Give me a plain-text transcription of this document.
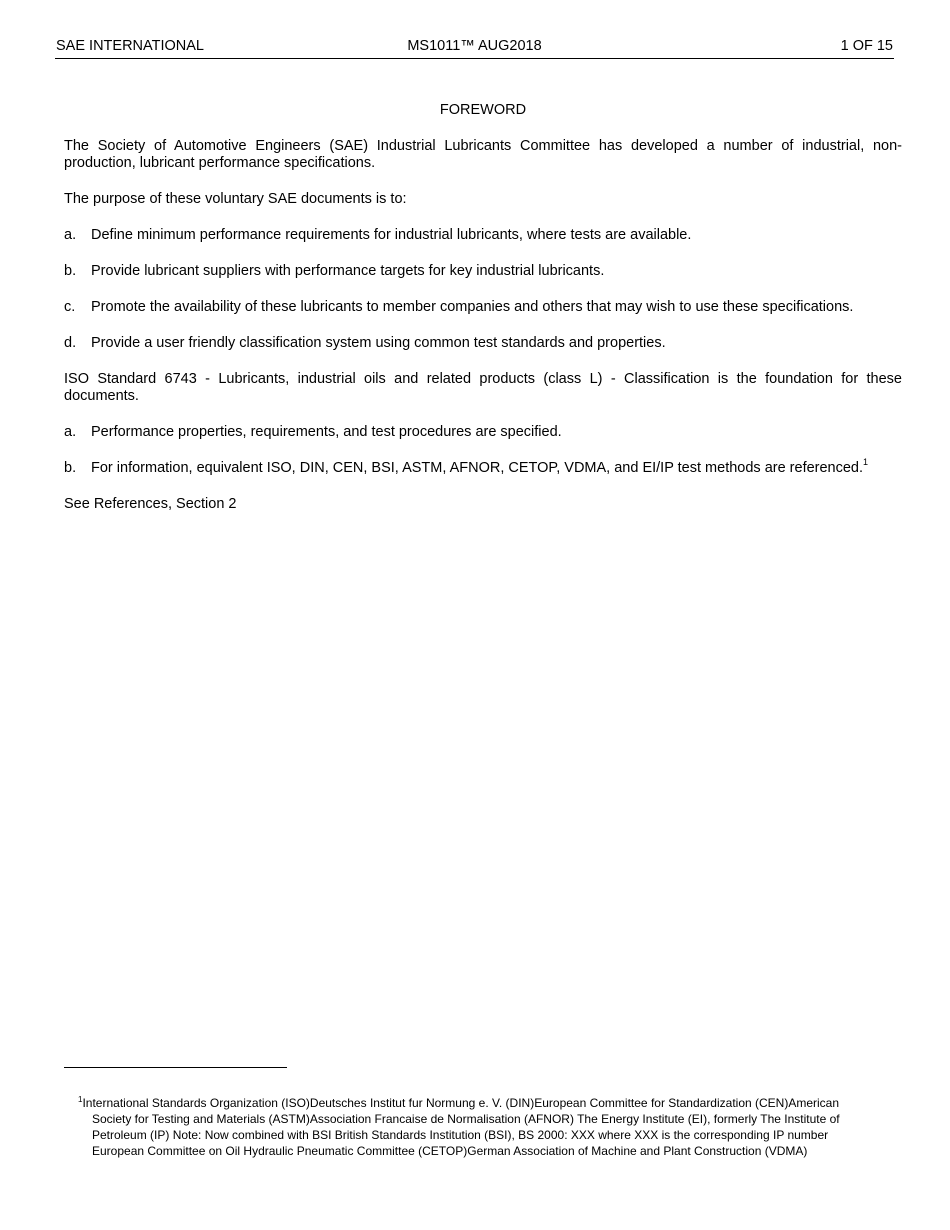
SAE INTERNATIONAL	MS1011™ AUG2018	1 OF 15
FOREWORD

The Society of Automotive Engineers (SAE) Industrial Lubricants Committee has developed a number of industrial, non-production, lubricant performance specifications.

The purpose of these voluntary SAE documents is to:

a.	Define minimum performance requirements for industrial lubricants, where tests are available.
b.	Provide lubricant suppliers with performance targets for key industrial lubricants.
c.	Promote the availability of these lubricants to member companies and others that may wish to use these specifications.
d.	Provide a user friendly classification system using common test standards and properties.

ISO Standard 6743 - Lubricants, industrial oils and related products (class L) - Classification is the foundation for these documents.

a.	Performance properties, requirements, and test procedures are specified.
b.	For information, equivalent ISO, DIN, CEN, BSI, ASTM, AFNOR, CETOP, VDMA, and EI/IP test methods are referenced.$^1$

See References, Section 2

$^1$International Standards Organization (ISO)Deutsches Institut fur Normung e. V. (DIN)European Committee for Standardization (CEN)American
Society for Testing and Materials (ASTM)Association Francaise de Normalisation (AFNOR) The Energy Institute (EI), formerly The Institute of
Petroleum (IP) Note: Now combined with BSI British Standards Institution (BSI), BS 2000: XXX where XXX is the corresponding IP number
European Committee on Oil Hydraulic Pneumatic Committee (CETOP)German Association of Machine and Plant Construction (VDMA)
